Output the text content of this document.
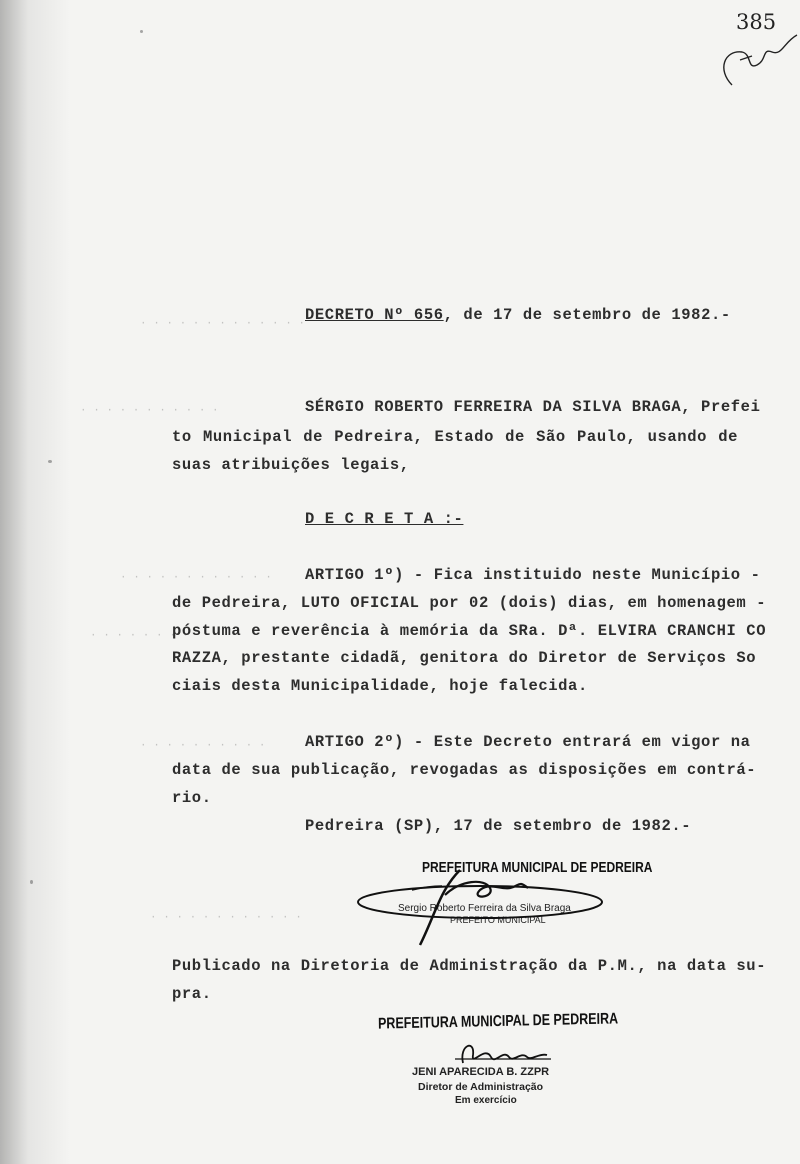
· · · · · · · · · · · · ·
· · · · · · · · · · ·
· · · · · · · · · · · ·
· · · · · · · ·
· · · · · · · · · ·
· · · · · · · · · · · ·
385
DECRETO Nº 656, de 17 de setembro de 1982.-
SÉRGIO ROBERTO FERREIRA DA SILVA BRAGA, Prefei
to Municipal de Pedreira, Estado de São Paulo, usando de
suas atribuições legais,
D E C R E T A :-
ARTIGO 1º) - Fica instituido neste Município -
de Pedreira, LUTO OFICIAL por 02 (dois) dias, em homenagem -
póstuma e reverência à memória da SRa. Dª. ELVIRA CRANCHI CO
RAZZA, prestante cidadã, genitora do Diretor de Serviços So
ciais desta Municipalidade, hoje falecida.
ARTIGO 2º) - Este Decreto entrará em vigor na
data de sua publicação, revogadas as disposições em contrá-
rio.
Pedreira (SP), 17 de setembro de 1982.-
PREFEITURA MUNICIPAL DE PEDREIRA
Sergio Roberto Ferreira da Silva Braga
PREFEITO MUNICIPAL
Publicado na Diretoria de Administração da P.M., na data su-
pra.
PREFEITURA MUNICIPAL DE PEDREIRA
JENI APARECIDA B. ZZPR
Diretor de Administração
Em exercício
